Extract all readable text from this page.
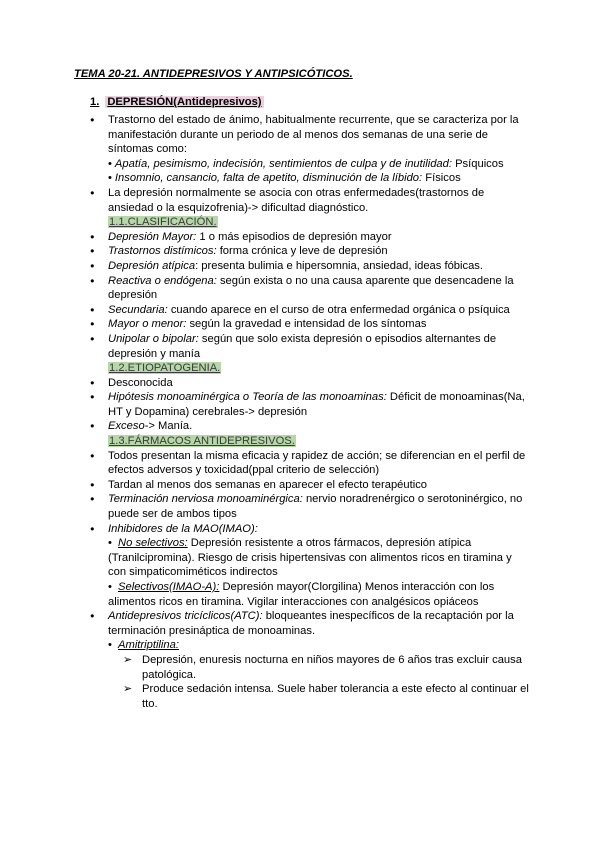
TEMA 20-21. ANTIDEPRESIVOS Y ANTIPSICÓTICOS.
1. DEPRESIÓN(Antidepresivos)
● Trastorno del estado de ánimo, habitualmente recurrente, que se caracteriza por la manifestación durante un periodo de al menos dos semanas de una serie de síntomas como:
• Apatía, pesimismo, indecisión, sentimientos de culpa y de inutilidad: Psíquicos
• Insomnio, cansancio, falta de apetito, disminución de la líbido: Físicos
● La depresión normalmente se asocia con otras enfermedades(trastornos de ansiedad o la esquizofrenia)-> dificultad diagnóstico.
1.1.CLASIFICACIÓN.
● Depresión Mayor: 1 o más episodios de depresión mayor
● Trastornos distímicos: forma crónica y leve de depresión
● Depresión atípica: presenta bulimia e hipersomnia, ansiedad, ideas fóbicas.
● Reactiva o endógena: según exista o no una causa aparente que desencadene la depresión
● Secundaria: cuando aparece en el curso de otra enfermedad orgánica o psíquica
● Mayor o menor: según la gravedad e intensidad de los síntomas
● Unipolar o bipolar: según que solo exista depresión o episodios alternantes de depresión y manía
1.2.ETIOPATOGENIA.
● Desconocida
● Hipótesis monoaminérgica o Teoría de las monoaminas: Déficit de monoaminas(Na, HT y Dopamina) cerebrales-> depresión
● Exceso-> Manía.
1.3.FÁRMACOS ANTIDEPRESIVOS.
● Todos presentan la misma eficacia y rapidez de acción; se diferencian en el perfil de efectos adversos y toxicidad(ppal criterio de selección)
● Tardan al menos dos semanas en aparecer el efecto terapéutico
● Terminación nerviosa monoaminérgica: nervio noradrenérgico o serotoninérgico, no puede ser de ambos tipos
● Inhibidores de la MAO(IMAO):
• No selectivos: Depresión resistente a otros fármacos, depresión atípica (Tranilcipromina). Riesgo de crisis hipertensivas con alimentos ricos en tiramina y con simpaticomiméticos indirectos
• Selectivos(IMAO-A): Depresión mayor(Clorgilina) Menos interacción con los alimentos ricos en tiramina. Vigilar interacciones con analgésicos opiáceos
● Antidepresivos tricíclicos(ATC): bloqueantes inespecíficos de la recaptación por la terminación presináptica de monoaminas.
• Amitriptilina:
➢ Depresión, enuresis nocturna en niños mayores de 6 años tras excluir causa patológica.
➢ Produce sedación intensa. Suele haber tolerancia a este efecto al continuar el tto.
